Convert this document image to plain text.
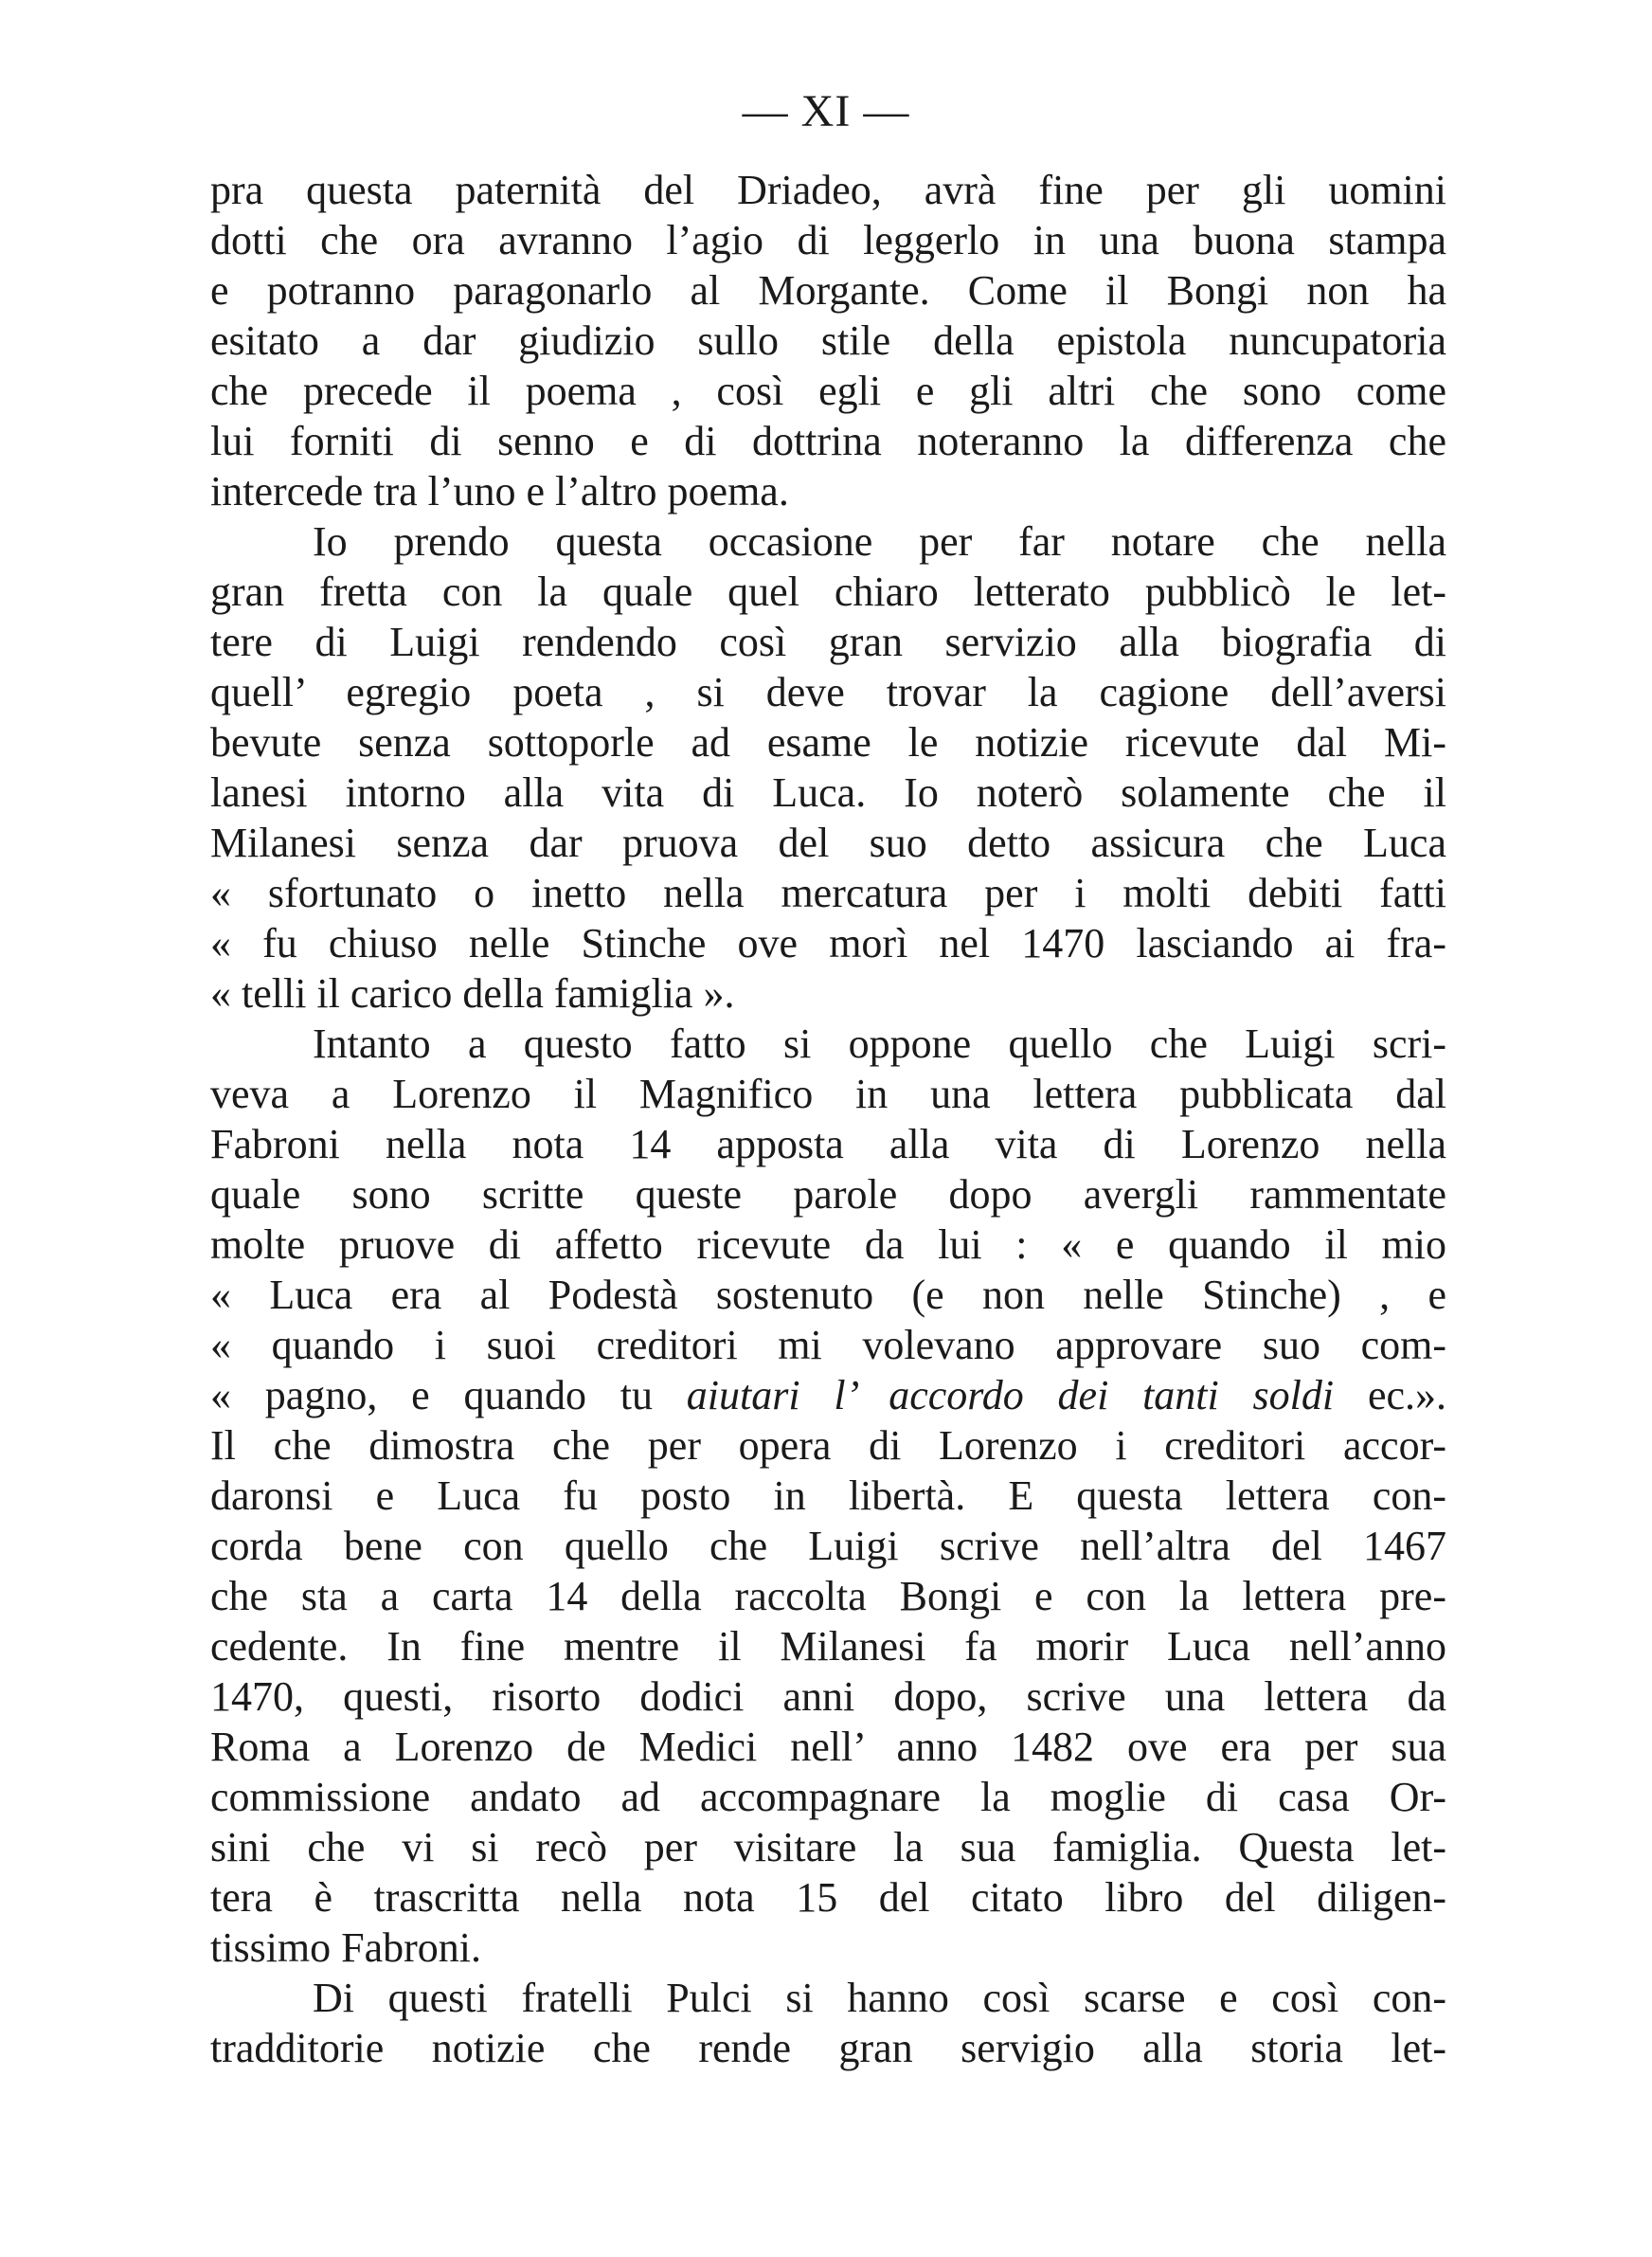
— XI —
pra questa paternità del Driadeo, avrà fine per gli uomini
dotti che ora avranno l’agio di leggerlo in una buona stampa
e potranno paragonarlo al Morgante. Come il Bongi non ha
esitato a dar giudizio sullo stile della epistola nuncupatoria
che precede il poema , così egli e gli altri che sono come
lui forniti di senno e di dottrina noteranno la differenza che
intercede tra l’uno e l’altro poema.
Io prendo questa occasione per far notare che nella
gran fretta con la quale quel chiaro letterato pubblicò le let-
tere di Luigi rendendo così gran servizio alla biografia di
quell’ egregio poeta , si deve trovar la cagione dell’aversi
bevute senza sottoporle ad esame le notizie ricevute dal Mi-
lanesi intorno alla vita di Luca. Io noterò solamente che il
Milanesi senza dar pruova del suo detto assicura che Luca
« sfortunato o inetto nella mercatura per i molti debiti fatti
« fu chiuso nelle Stinche ove morì nel 1470 lasciando ai fra-
« telli il carico della famiglia ».
Intanto a questo fatto si oppone quello che Luigi scri-
veva a Lorenzo il Magnifico in una lettera pubblicata dal
Fabroni nella nota 14 apposta alla vita di Lorenzo nella
quale sono scritte queste parole dopo avergli rammentate
molte pruove di affetto ricevute da lui : « e quando il mio
« Luca era al Podestà sostenuto (e non nelle Stinche) , e
« quando i suoi creditori mi volevano approvare suo com-
« pagno, e quando tu aiutari l’ accordo dei tanti soldi ec.».
Il che dimostra che per opera di Lorenzo i creditori accor-
daronsi e Luca fu posto in libertà. E questa lettera con-
corda bene con quello che Luigi scrive nell’altra del 1467
che sta a carta 14 della raccolta Bongi e con la lettera pre-
cedente. In fine mentre il Milanesi fa morir Luca nell’anno
1470, questi, risorto dodici anni dopo, scrive una lettera da
Roma a Lorenzo de Medici nell’ anno 1482 ove era per sua
commissione andato ad accompagnare la moglie di casa Or-
sini che vi si recò per visitare la sua famiglia. Questa let-
tera è trascritta nella nota 15 del citato libro del diligen-
tissimo Fabroni.
Di questi fratelli Pulci si hanno così scarse e così con-
tradditorie notizie che rende gran servigio alla storia let-
